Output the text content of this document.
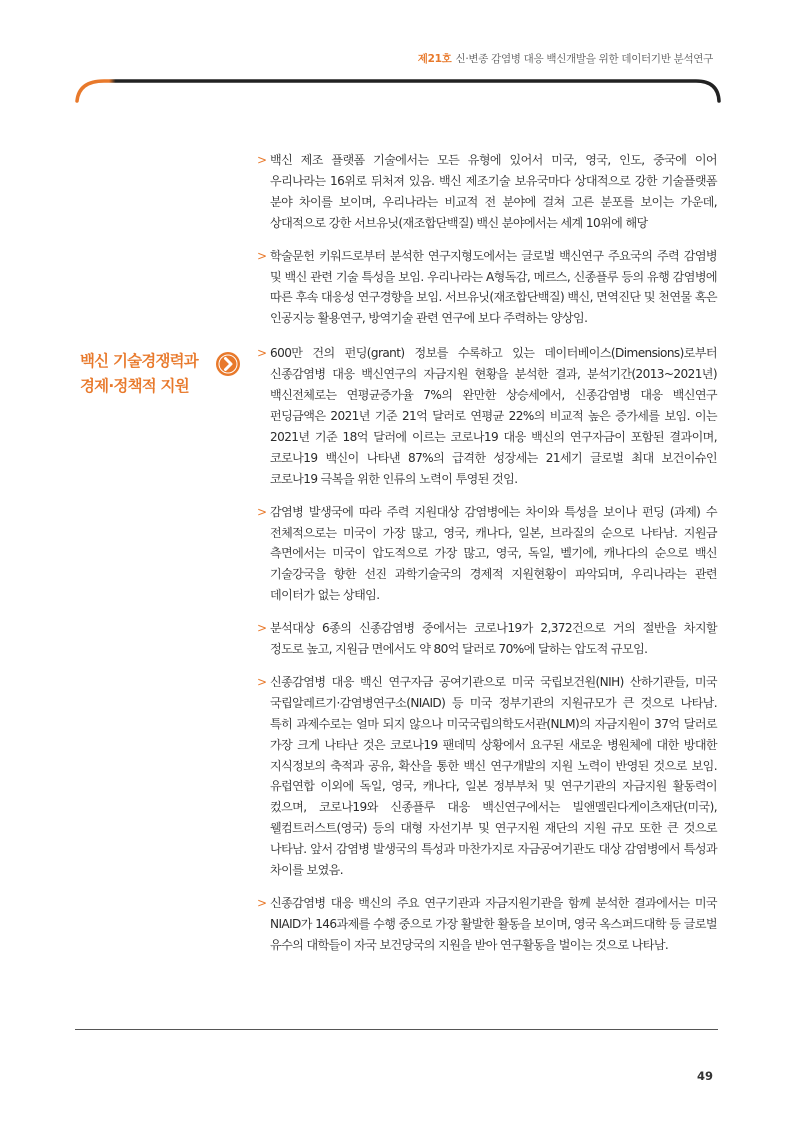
제21호 신·변종 감염병 대응 백신개발을 위한 데이터기반 분석연구
백신 기술경쟁력과
경제·정책적 지원
> 백신 제조 플랫폼 기술에서는 모든 유형에 있어서 미국, 영국, 인도, 중국에 이어 우리나라는 16위로 뒤처져 있음. 백신 제조기술 보유국마다 상대적으로 강한 기술플랫폼 분야 차이를 보이며, 우리나라는 비교적 전 분야에 걸쳐 고른 분포를 보이는 가운데, 상대적으로 강한 서브유닛(재조합단백질) 백신 분야에서는 세계 10위에 해당
> 학술문헌 키워드로부터 분석한 연구지형도에서는 글로벌 백신연구 주요국의 주력 감염병 및 백신 관련 기술 특성을 보임. 우리나라는 A형독감, 메르스, 신종플루 등의 유행 감염병에 따른 후속 대응성 연구경향을 보임. 서브유닛(재조합단백질) 백신, 면역진단 및 천연물 혹은 인공지능 활용연구, 방역기술 관련 연구에 보다 주력하는 양상임.
> 600만 건의 펀딩(grant) 정보를 수록하고 있는 데이터베이스(Dimensions)로부터 신종감염병 대응 백신연구의 자금지원 현황을 분석한 결과, 분석기간(2013~2021년) 백신전체로는 연평균증가율 7%의 완만한 상승세에서, 신종감염병 대응 백신연구 펀딩금액은 2021년 기준 21억 달러로 연평균 22%의 비교적 높은 증가세를 보임. 이는 2021년 기준 18억 달러에 이르는 코로나19 대응 백신의 연구자금이 포함된 결과이며, 코로나19 백신이 나타낸 87%의 급격한 성장세는 21세기 글로벌 최대 보건이슈인 코로나19 극복을 위한 인류의 노력이 투영된 것임.
> 감염병 발생국에 따라 주력 지원대상 감염병에는 차이와 특성을 보이나 펀딩 (과제) 수 전체적으로는 미국이 가장 많고, 영국, 캐나다, 일본, 브라질의 순으로 나타남. 지원금 측면에서는 미국이 압도적으로 가장 많고, 영국, 독일, 벨기에, 캐나다의 순으로 백신 기술강국을 향한 선진 과학기술국의 경제적 지원현황이 파악되며, 우리나라는 관련 데이터가 없는 상태임.
> 분석대상 6종의 신종감염병 중에서는 코로나19가 2,372건으로 거의 절반을 차지할 정도로 높고, 지원금 면에서도 약 80억 달러로 70%에 달하는 압도적 규모임.
> 신종감염병 대응 백신 연구자금 공여기관으로 미국 국립보건원(NIH) 산하기관들, 미국 국립알레르기·감염병연구소(NIAID) 등 미국 정부기관의 지원규모가 큰 것으로 나타남. 특히 과제수로는 얼마 되지 않으나 미국국립의학도서관(NLM)의 자금지원이 37억 달러로 가장 크게 나타난 것은 코로나19 팬데믹 상황에서 요구된 새로운 병원체에 대한 방대한 지식정보의 축적과 공유, 확산을 통한 백신 연구개발의 지원 노력이 반영된 것으로 보임. 유럽연합 이외에 독일, 영국, 캐나다, 일본 정부부처 및 연구기관의 자금지원 활동력이 컸으며, 코로나19와 신종플루 대응 백신연구에서는 빌앤멜린다게이츠재단(미국), 웰컴트러스트(영국) 등의 대형 자선기부 및 연구지원 재단의 지원 규모 또한 큰 것으로 나타남. 앞서 감염병 발생국의 특성과 마찬가지로 자금공여기관도 대상 감염병에서 특성과 차이를 보였음.
> 신종감염병 대응 백신의 주요 연구기관과 자금지원기관을 함께 분석한 결과에서는 미국 NIAID가 146과제를 수행 중으로 가장 활발한 활동을 보이며, 영국 옥스퍼드대학 등 글로벌 유수의 대학들이 자국 보건당국의 지원을 받아 연구활동을 벌이는 것으로 나타남.
49
